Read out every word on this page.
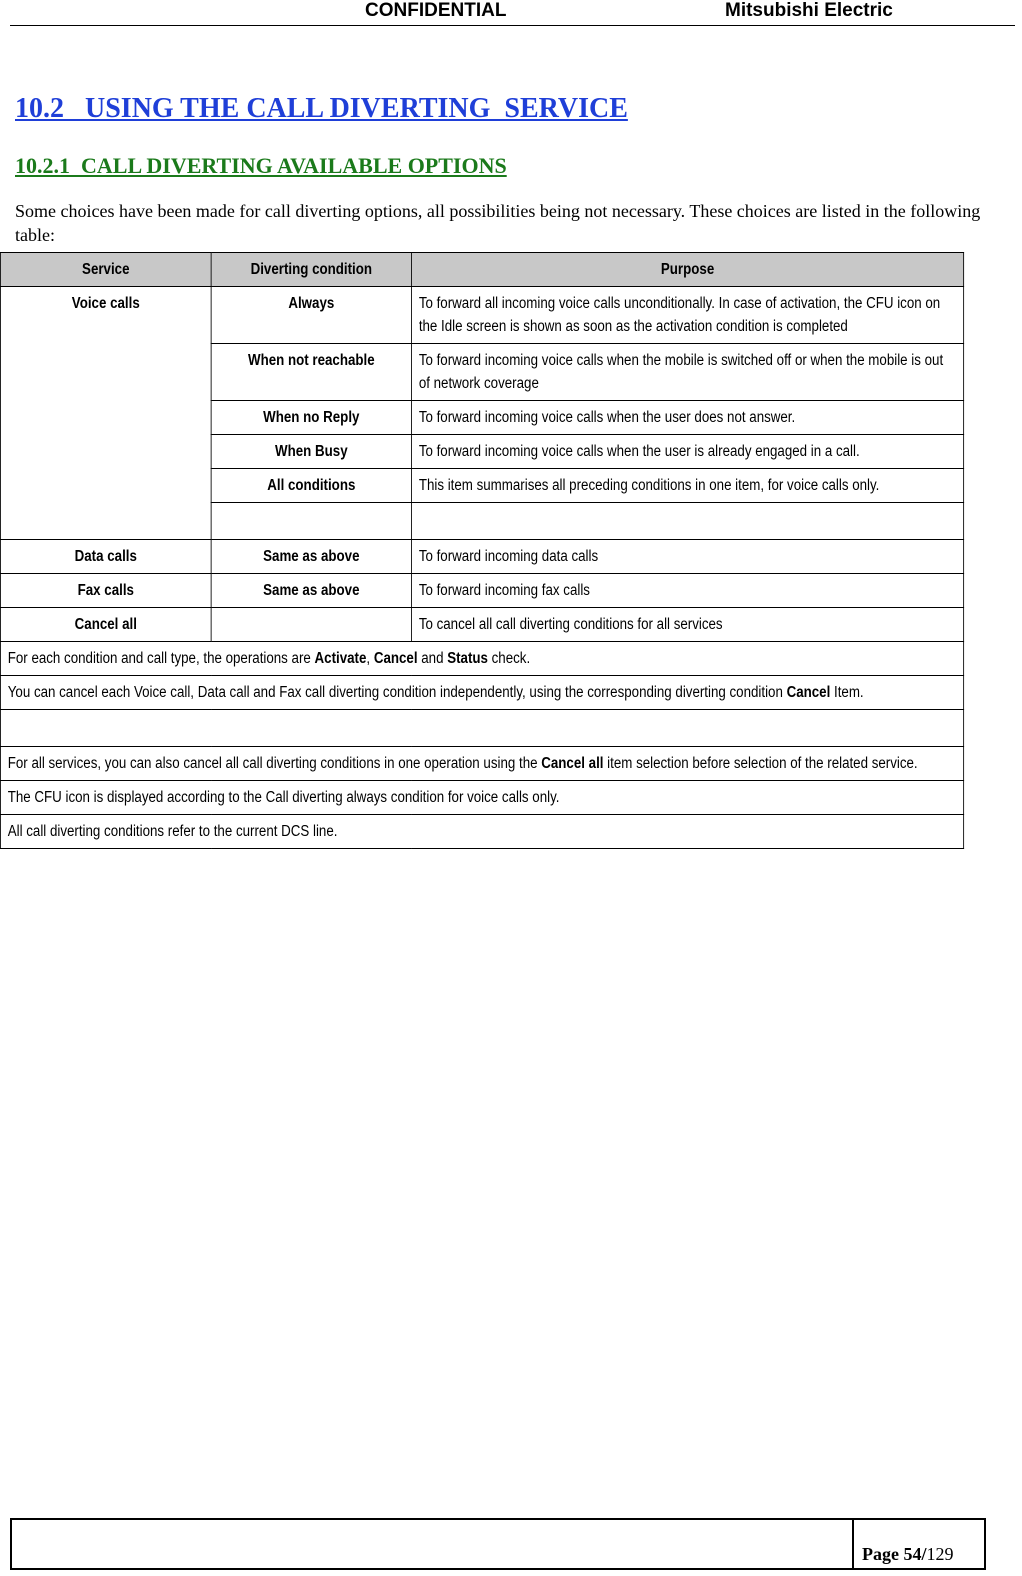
CONFIDENTIAL	Mitsubishi Electric
10.2   USING THE CALL DIVERTING  SERVICE
10.2.1  CALL DIVERTING AVAILABLE OPTIONS

Some choices have been made for call diverting options, all possibilities being not necessary. These choices are listed in the following table:

Service	Diverting condition	Purpose
Voice calls	Always	To forward all incoming voice calls unconditionally. In case of activation, the CFU icon on the Idle screen is shown as soon as the activation condition is completed
	When not reachable	To forward incoming voice calls when the mobile is switched off or when the mobile is out of network coverage
	When no Reply	To forward incoming voice calls when the user does not answer.
	When Busy	To forward incoming voice calls when the user is already engaged in a call.
	All conditions	This item summarises all preceding conditions in one item, for voice calls only.

Data calls	Same as above	To forward incoming data calls
Fax calls	Same as above	To forward incoming fax calls
Cancel all		To cancel all call diverting conditions for all services
For each condition and call type, the operations are Activate, Cancel and Status check.		
You can cancel each Voice call, Data call and Fax call diverting condition independently, using the corresponding diverting condition Cancel Item.		

For all services, you can also cancel all call diverting conditions in one operation using the Cancel all item selection before selection of the related service.		
The CFU icon is displayed according to the Call diverting always condition for voice calls only.		
All call diverting conditions refer to the current DCS line.		
Page 54/129
